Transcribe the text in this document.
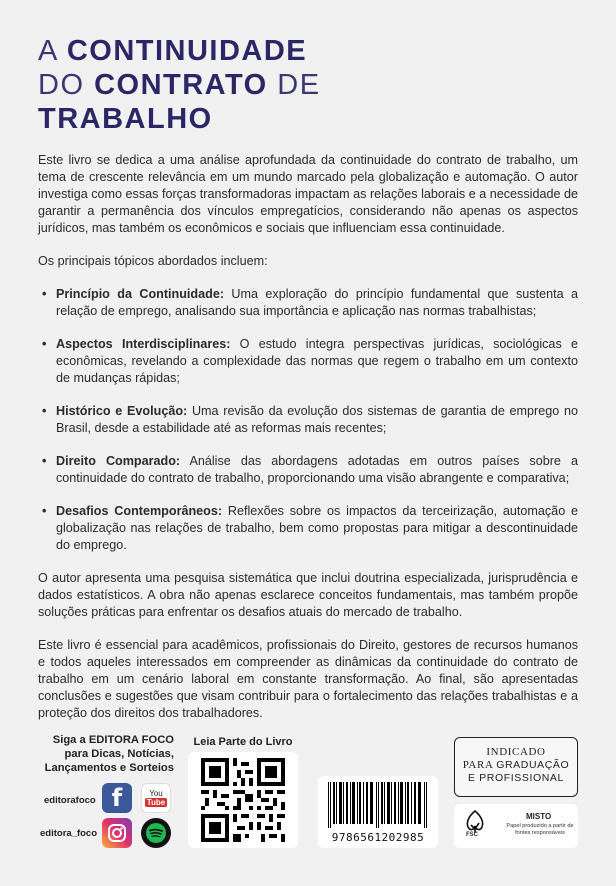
A CONTINUIDADE
DO CONTRATO DE
TRABALHO

Este livro se dedica a uma análise aprofundada da continuidade do contrato de trabalho, um tema de crescente relevância em um mundo marcado pela globalização e automação. O autor investiga como essas forças transformadoras impactam as relações laborais e a necessidade de garantir a permanência dos vínculos empregatícios, considerando não apenas os aspectos jurídicos, mas também os econômicos e sociais que influenciam essa continuidade.

Os principais tópicos abordados incluem:

• Princípio da Continuidade: Uma exploração do princípio fundamental que sustenta a relação de emprego, analisando sua importância e aplicação nas normas trabalhistas;
• Aspectos Interdisciplinares: O estudo integra perspectivas jurídicas, sociológicas e econômicas, revelando a complexidade das normas que regem o trabalho em um contexto de mudanças rápidas;
• Histórico e Evolução: Uma revisão da evolução dos sistemas de garantia de emprego no Brasil, desde a estabilidade até as reformas mais recentes;
• Direito Comparado: Análise das abordagens adotadas em outros países sobre a continuidade do contrato de trabalho, proporcionando uma visão abrangente e comparativa;
• Desafios Contemporâneos: Reflexões sobre os impactos da terceirização, automação e globalização nas relações de trabalho, bem como propostas para mitigar a descontinuidade do emprego.

O autor apresenta uma pesquisa sistemática que inclui doutrina especializada, jurisprudência e dados estatísticos. A obra não apenas esclarece conceitos fundamentais, mas também propõe soluções práticas para enfrentar os desafios atuais do mercado de trabalho.

Este livro é essencial para acadêmicos, profissionais do Direito, gestores de recursos humanos e todos aqueles interessados em compreender as dinâmicas da continuidade do contrato de trabalho em um cenário laboral em constante transformação. Ao final, são apresentadas conclusões e sugestões que visam contribuir para o fortalecimento das relações trabalhistas e a proteção dos direitos dos trabalhadores.

Siga a EDITORA FOCO para Dicas, Notícias, Lançamentos e Sorteios
editorafoco f	You
Tube
editora_foco
Leia Parte do Livro
9786561202985
INDICADO
PARA GRADUAÇÃO
E PROFISSIONAL
FSC
MISTO
Papel produzido a partir de fontes responsáveis
